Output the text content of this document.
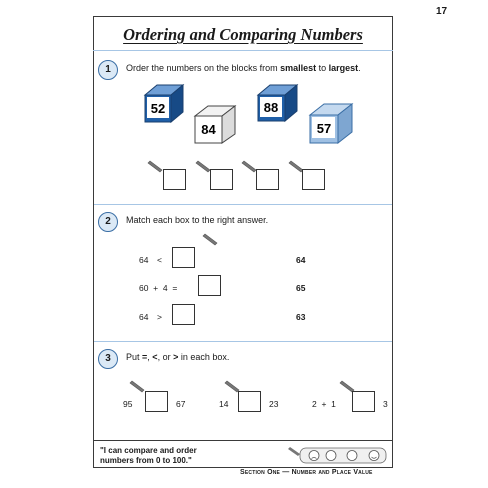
17
Ordering and Comparing Numbers
1	Order the numbers on the blocks from smallest to largest.
52
84
88
57
2	Match each box to the right answer.
64 <	64
60  +  4  =	65
64 >	63
3	Put =, <, or > in each box.
95	67	14	23	2  +  1	3
"I can compare and order
numbers from 0 to 100."
Section One — Number and Place Value
